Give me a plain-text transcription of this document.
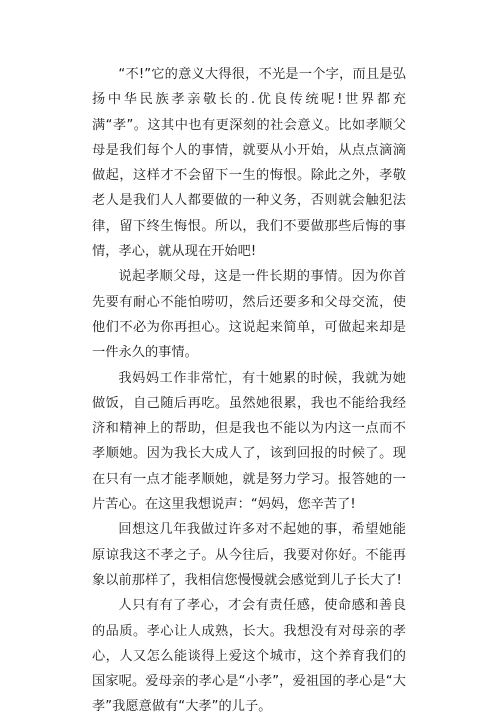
“不!”它的意义大得很，不光是一个字，而且是弘扬中华民族孝亲敬长的.优良传统呢!世界都充满“孝”。这其中也有更深刻的社会意义。比如孝顺父母是我们每个人的事情，就要从小开始，从点点滴滴做起，这样才不会留下一生的悔恨。除此之外，孝敬老人是我们人人都要做的一种义务，否则就会触犯法律，留下终生悔恨。所以，我们不要做那些后悔的事情，孝心，就从现在开始吧!

说起孝顺父母，这是一件长期的事情。因为你首先要有耐心不能怕唠叨，然后还要多和父母交流，使他们不必为你再担心。这说起来简单，可做起来却是一件永久的事情。

我妈妈工作非常忙，有十她累的时候，我就为她做饭，自己随后再吃。虽然她很累，我也不能给我经济和精神上的帮助，但是我也不能以为内这一点而不孝顺她。因为我长大成人了，该到回报的时候了。现在只有一点才能孝顺她，就是努力学习。报答她的一片苦心。在这里我想说声：“妈妈，您辛苦了!

回想这几年我做过许多对不起她的事，希望她能原谅我这不孝之子。从今往后，我要对你好。不能再象以前那样了，我相信您慢慢就会感觉到儿子长大了!

人只有有了孝心，才会有责任感，使命感和善良的品质。孝心让人成熟，长大。我想没有对母亲的孝心，人又怎么能谈得上爱这个城市，这个养育我们的国家呢。爱母亲的孝心是“小孝”，爱祖国的孝心是“大孝”我愿意做有“大孝”的儿子。
